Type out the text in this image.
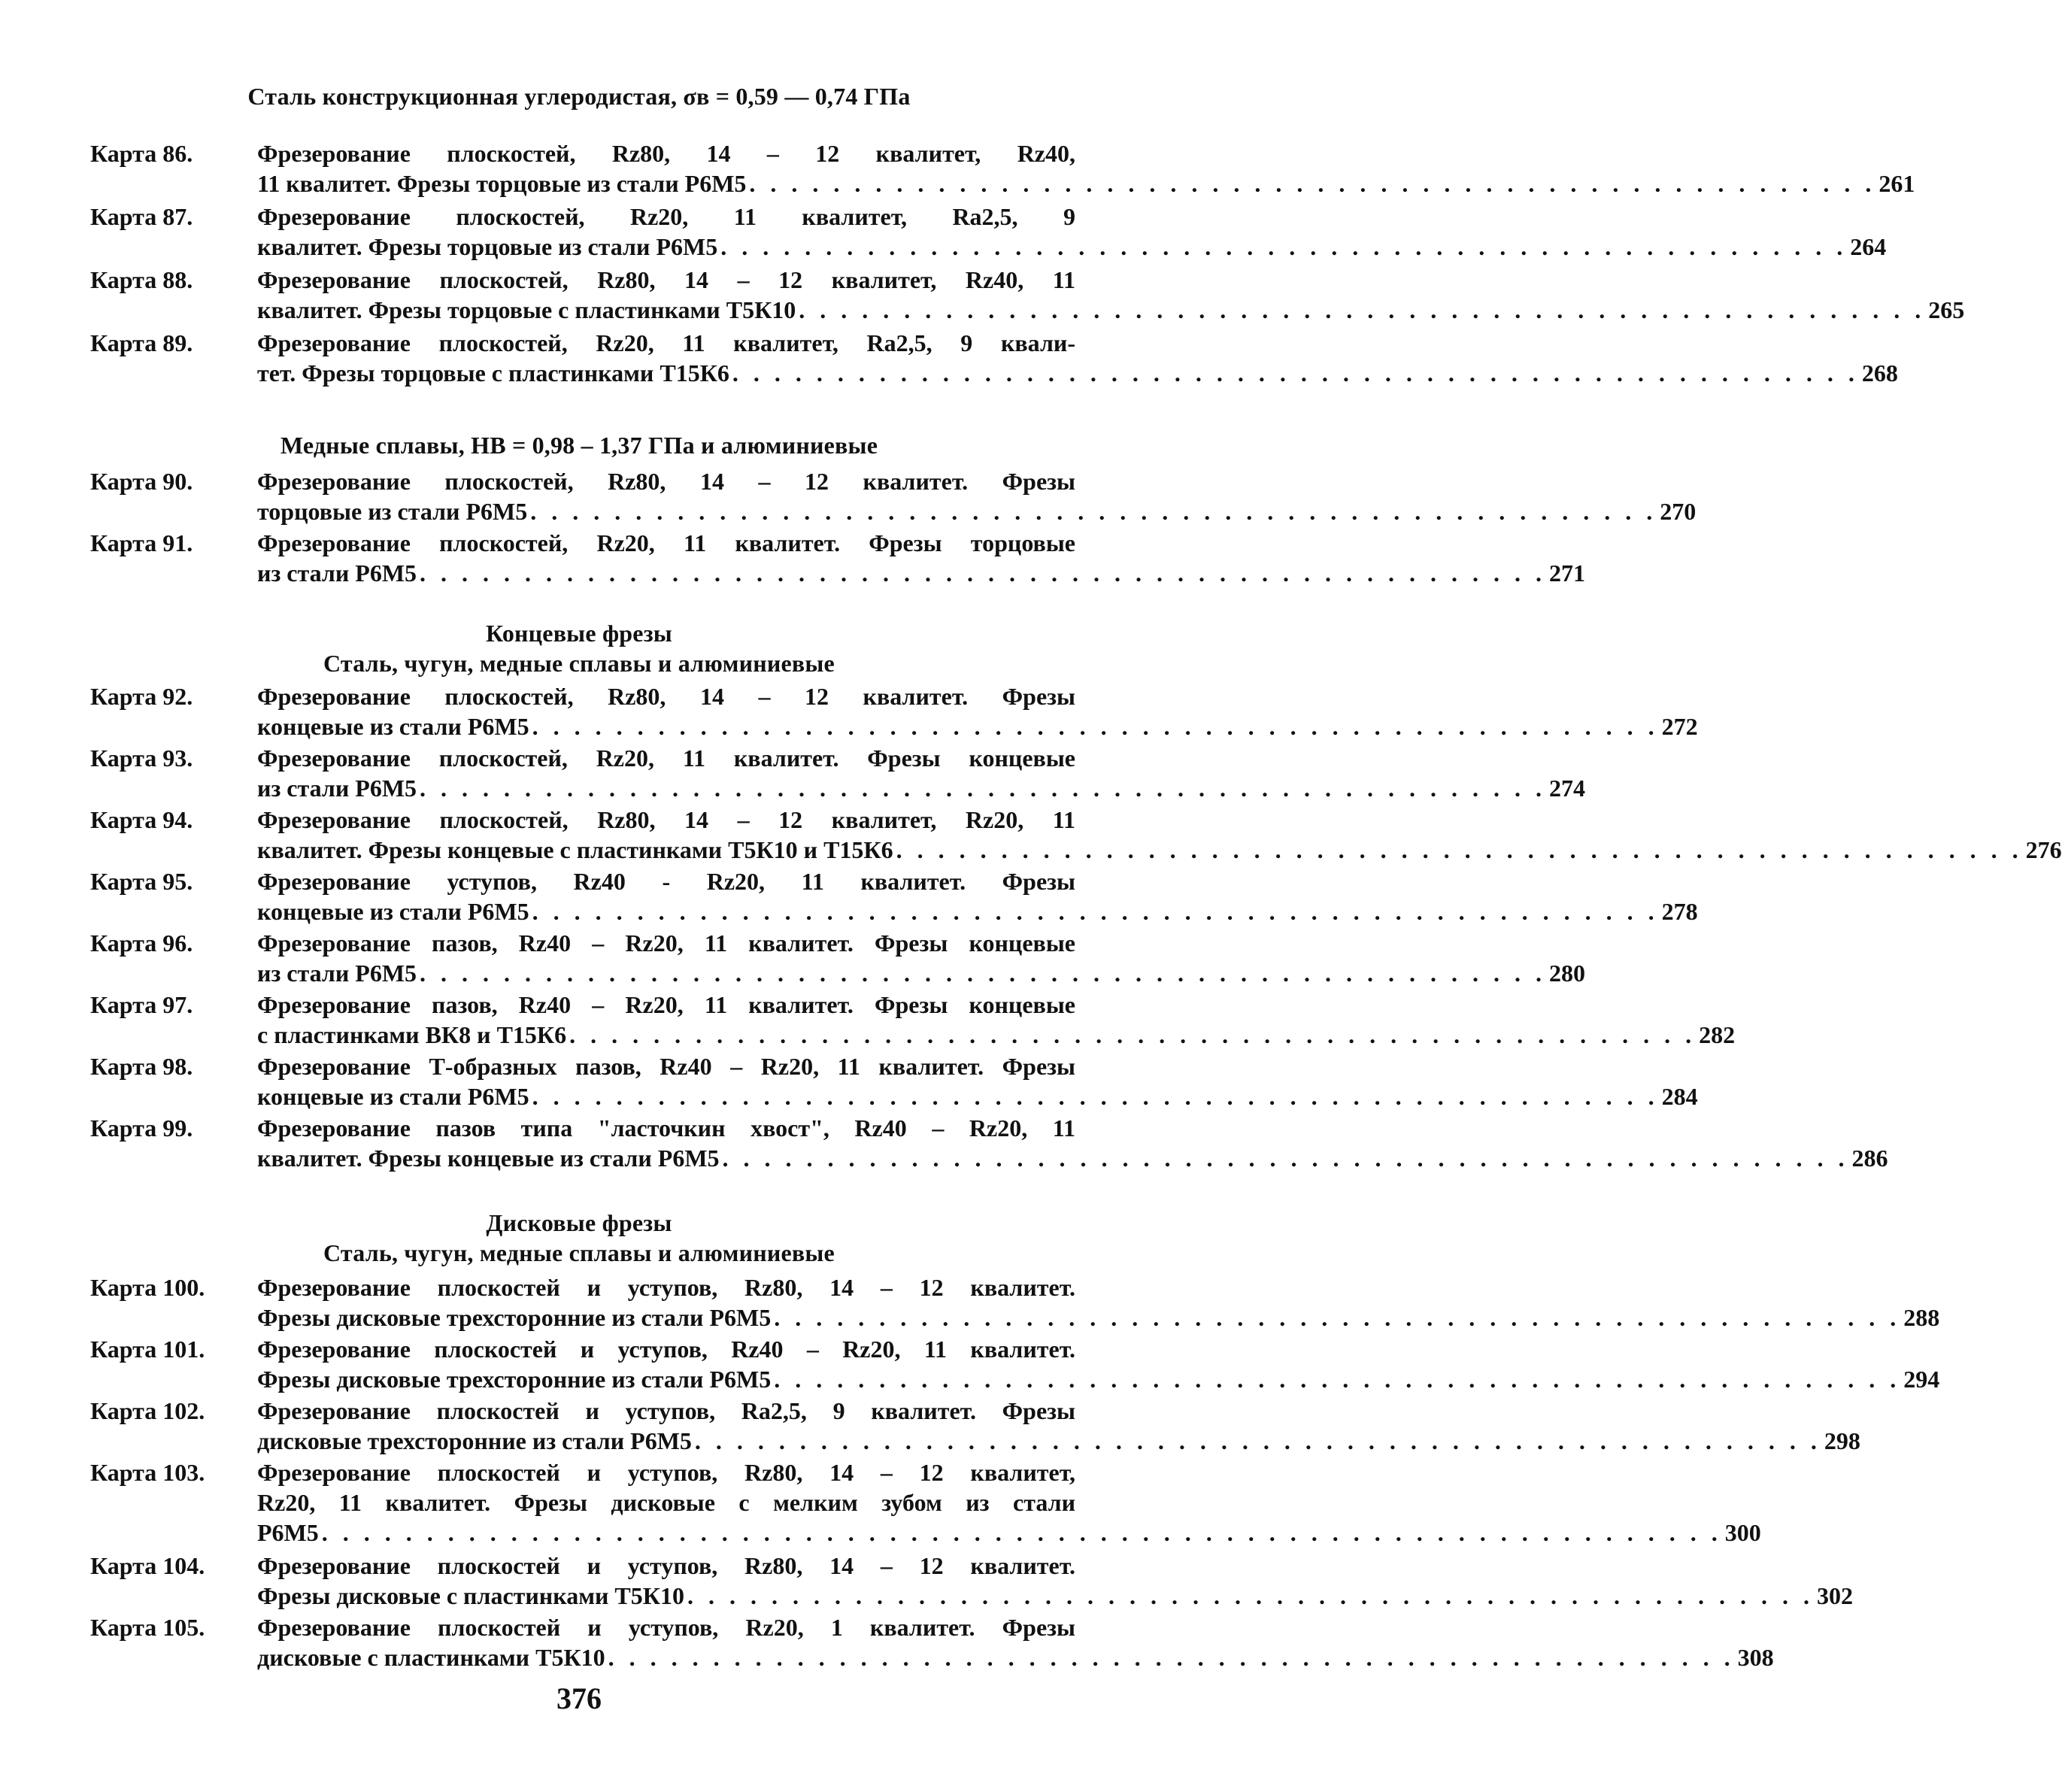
Сталь конструкционная углеродистая, σв = 0,59 — 0,74 ГПа
Карта 86.	Фрезерование плоскостей, Rz80, 14 – 12 квалитет, Rz40,
11 квалитет. Фрезы торцовые из стали Р6М5 . . . . . . . . . . . . . . . . . . . . . . . . . . . . . . . . . . . . . . . . . . . . . . . . . . . . . . 261
Карта 87.	Фрезерование плоскостей, Rz20, 11 квалитет, Ra2,5, 9
квалитет. Фрезы торцовые из стали Р6М5 . . . . . . . . . . . . . . . . . . . . . . . . . . . . . . . . . . . . . . . . . . . . . . . . . . . . . . 264
Карта 88.	Фрезерование плоскостей, Rz80, 14 – 12 квалитет, Rz40, 11
квалитет. Фрезы торцовые с пластинками Т5К10 . . . . . . . . . . . . . . . . . . . . . . . . . . . . . . . . . . . . . . . . . . . . . . . . . . . . . . 265
Карта 89.	Фрезерование плоскостей, Rz20, 11 квалитет, Ra2,5, 9 квали-
тет. Фрезы торцовые с пластинками Т15К6 . . . . . . . . . . . . . . . . . . . . . . . . . . . . . . . . . . . . . . . . . . . . . . . . . . . . . . 268
Медные сплавы, HB = 0,98 – 1,37 ГПа и алюминиевые
Карта 90.	Фрезерование плоскостей, Rz80, 14 – 12 квалитет. Фрезы
торцовые из стали Р6М5 . . . . . . . . . . . . . . . . . . . . . . . . . . . . . . . . . . . . . . . . . . . . . . . . . . . . . . 270
Карта 91.	Фрезерование плоскостей, Rz20, 11 квалитет. Фрезы торцовые
из стали Р6М5 . . . . . . . . . . . . . . . . . . . . . . . . . . . . . . . . . . . . . . . . . . . . . . . . . . . . . . 271
Концевые фрезы
Сталь, чугун, медные сплавы и алюминиевые
Карта 92.	Фрезерование плоскостей, Rz80, 14 – 12 квалитет. Фрезы
концевые из стали Р6М5 . . . . . . . . . . . . . . . . . . . . . . . . . . . . . . . . . . . . . . . . . . . . . . . . . . . . . . 272
Карта 93.	Фрезерование плоскостей, Rz20, 11 квалитет. Фрезы концевые
из стали Р6М5 . . . . . . . . . . . . . . . . . . . . . . . . . . . . . . . . . . . . . . . . . . . . . . . . . . . . . . 274
Карта 94.	Фрезерование плоскостей, Rz80, 14 – 12 квалитет, Rz20, 11
квалитет. Фрезы концевые с пластинками Т5К10 и Т15К6 . . . . . . . . . . . . . . . . . . . . . . . . . . . . . . . . . . . . . . . . . . . . . . . . . . . . . . 276
Карта 95.	Фрезерование уступов, Rz40 - Rz20, 11 квалитет. Фрезы
концевые из стали Р6М5 . . . . . . . . . . . . . . . . . . . . . . . . . . . . . . . . . . . . . . . . . . . . . . . . . . . . . . 278
Карта 96.	Фрезерование пазов, Rz40 – Rz20, 11 квалитет. Фрезы концевые
из стали Р6М5 . . . . . . . . . . . . . . . . . . . . . . . . . . . . . . . . . . . . . . . . . . . . . . . . . . . . . . 280
Карта 97.	Фрезерование пазов, Rz40 – Rz20, 11 квалитет. Фрезы концевые
с пластинками ВК8 и Т15К6 . . . . . . . . . . . . . . . . . . . . . . . . . . . . . . . . . . . . . . . . . . . . . . . . . . . . . . 282
Карта 98.	Фрезерование Т-образных пазов, Rz40 – Rz20, 11 квалитет. Фрезы
концевые из стали Р6М5 . . . . . . . . . . . . . . . . . . . . . . . . . . . . . . . . . . . . . . . . . . . . . . . . . . . . . . 284
Карта 99.	Фрезерование пазов типа "ласточкин хвост", Rz40 – Rz20, 11
квалитет. Фрезы концевые из стали Р6М5 . . . . . . . . . . . . . . . . . . . . . . . . . . . . . . . . . . . . . . . . . . . . . . . . . . . . . . 286
Дисковые фрезы
Сталь, чугун, медные сплавы и алюминиевые
Карта 100.	Фрезерование плоскостей и уступов, Rz80, 14 – 12 квалитет.
Фрезы дисковые трехсторонние из стали Р6М5 . . . . . . . . . . . . . . . . . . . . . . . . . . . . . . . . . . . . . . . . . . . . . . . . . . . . . . 288
Карта 101.	Фрезерование плоскостей и уступов, Rz40 – Rz20, 11 квалитет.
Фрезы дисковые трехсторонние из стали Р6М5 . . . . . . . . . . . . . . . . . . . . . . . . . . . . . . . . . . . . . . . . . . . . . . . . . . . . . . 294
Карта 102.	Фрезерование плоскостей и уступов, Ra2,5, 9 квалитет. Фрезы
дисковые трехсторонние из стали Р6М5 . . . . . . . . . . . . . . . . . . . . . . . . . . . . . . . . . . . . . . . . . . . . . . . . . . . . . . 298
Карта 103.	Фрезерование плоскостей и уступов, Rz80, 14 – 12 квалитет,
Rz20, 11 квалитет. Фрезы дисковые с мелким зубом из стали
Р6М5 . . . . . . . . . . . . . . . . . . . . . . . . . . . . . . . . . . . . . . . . . . . . . . . . . . . . . . . . . . . . . . . . . . . 300
Карта 104.	Фрезерование плоскостей и уступов, Rz80, 14 – 12 квалитет.
Фрезы дисковые с пластинками Т5К10 . . . . . . . . . . . . . . . . . . . . . . . . . . . . . . . . . . . . . . . . . . . . . . . . . . . . . . 302
Карта 105.	Фрезерование плоскостей и уступов, Rz20, 1 квалитет. Фрезы
дисковые с пластинками Т5К10 . . . . . . . . . . . . . . . . . . . . . . . . . . . . . . . . . . . . . . . . . . . . . . . . . . . . . . 308
376
